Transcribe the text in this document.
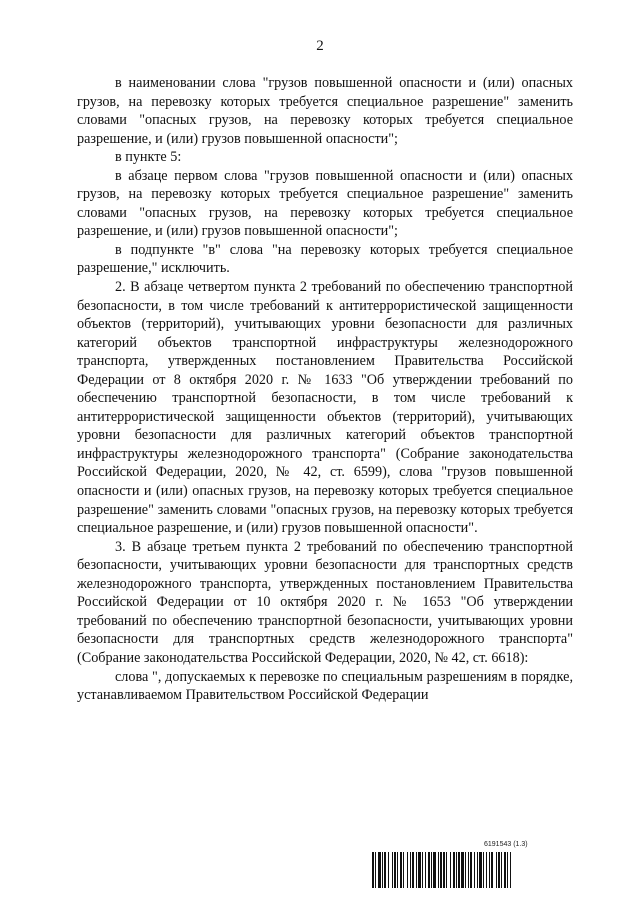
2

в наименовании слова "грузов повышенной опасности и (или) опасных грузов, на перевозку которых требуется специальное разрешение" заменить словами "опасных грузов, на перевозку которых требуется специальное разрешение, и (или) грузов повышенной опасности";

в пункте 5:

в абзаце первом слова "грузов повышенной опасности и (или) опасных грузов, на перевозку которых требуется специальное разрешение" заменить словами "опасных грузов, на перевозку которых требуется специальное разрешение, и (или) грузов повышенной опасности";

в подпункте "в" слова "на перевозку которых требуется специальное разрешение," исключить.

2. В абзаце четвертом пункта 2 требований по обеспечению транспортной безопасности, в том числе требований к антитеррористической защищенности объектов (территорий), учитывающих уровни безопасности для различных категорий объектов транспортной инфраструктуры железнодорожного транспорта, утвержденных постановлением Правительства Российской Федерации от 8 октября 2020 г. № 1633 "Об утверждении требований по обеспечению транспортной безопасности, в том числе требований к антитеррористической защищенности объектов (территорий), учитывающих уровни безопасности для различных категорий объектов транспортной инфраструктуры железнодорожного транспорта" (Собрание законодательства Российской Федерации, 2020, № 42, ст. 6599), слова "грузов повышенной опасности и (или) опасных грузов, на перевозку которых требуется специальное разрешение" заменить словами "опасных грузов, на перевозку которых требуется специальное разрешение, и (или) грузов повышенной опасности".

3. В абзаце третьем пункта 2 требований по обеспечению транспортной безопасности, учитывающих уровни безопасности для транспортных средств железнодорожного транспорта, утвержденных постановлением Правительства Российской Федерации от 10 октября 2020 г. № 1653 "Об утверждении требований по обеспечению транспортной безопасности, учитывающих уровни безопасности для транспортных средств железнодорожного транспорта" (Собрание законодательства Российской Федерации, 2020, № 42, ст. 6618):

слова ", допускаемых к перевозке по специальным разрешениям в порядке, устанавливаемом Правительством Российской Федерации

6191543 (1.3)
